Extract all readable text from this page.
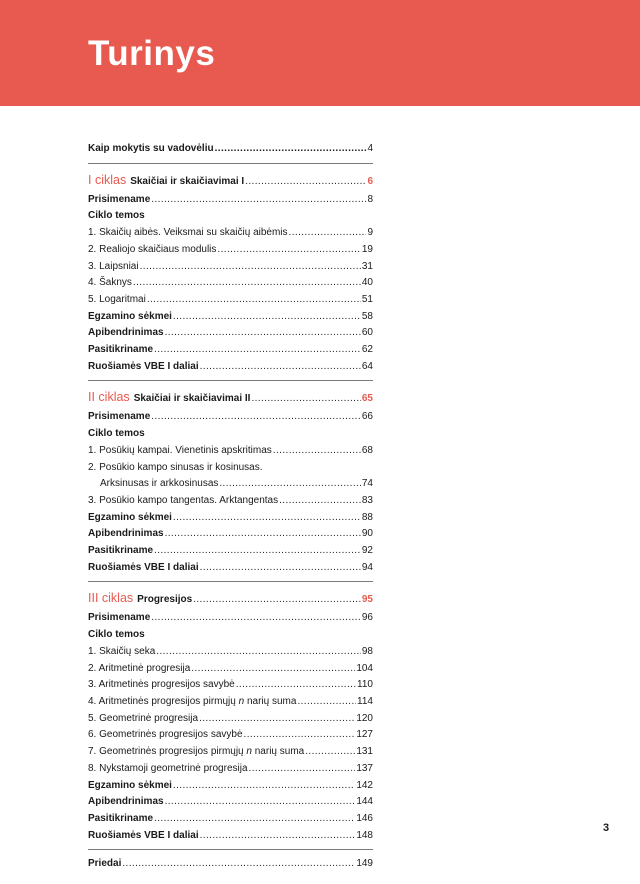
Turinys
Kaip mokytis su vadovėliu .....	4
I ciklas Skaičiai ir skaičiavimai I .....	6
Prisimename .....	8
Ciklo temos
1. Skaičių aibės. Veiksmai su skaičių aibėmis .....	9
2. Realiojo skaičiaus modulis .....	19
3. Laipsniai .....	31
4. Šaknys .....	40
5. Logaritmai .....	51
Egzamino sėkmei .....	58
Apibendrinimas .....	60
Pasitikriname .....	62
Ruošiamės VBE I daliai .....	64
II ciklas Skaičiai ir skaičiavimai II .....	65
Prisimename .....	66
Ciklo temos
1. Posūkių kampai. Vienetinis apskritimas .....	68
2. Posūkio kampo sinusas ir kosinusas.
Arksinusas ir arkkosinusas .....	74
3. Posūkio kampo tangentas. Arktangentas .....	83
Egzamino sėkmei .....	88
Apibendrinimas .....	90
Pasitikriname .....	92
Ruošiamės VBE I daliai .....	94
III ciklas Progresijos .....	95
Prisimename .....	96
Ciklo temos
1. Skaičių seka .....	98
2. Aritmetinė progresija .....	104
3. Aritmetinės progresijos savybė .....	110
4. Aritmetinės progresijos pirmųjų n narių suma .....	114
5. Geometrinė progresija .....	120
6. Geometrinės progresijos savybė .....	127
7. Geometrinės progresijos pirmųjų n narių suma .....	131
8. Nykstamoji geometrinė progresija .....	137
Egzamino sėkmei .....	142
Apibendrinimas .....	144
Pasitikriname .....	146
Ruošiamės VBE I daliai .....	148
Priedai .....	149
3
